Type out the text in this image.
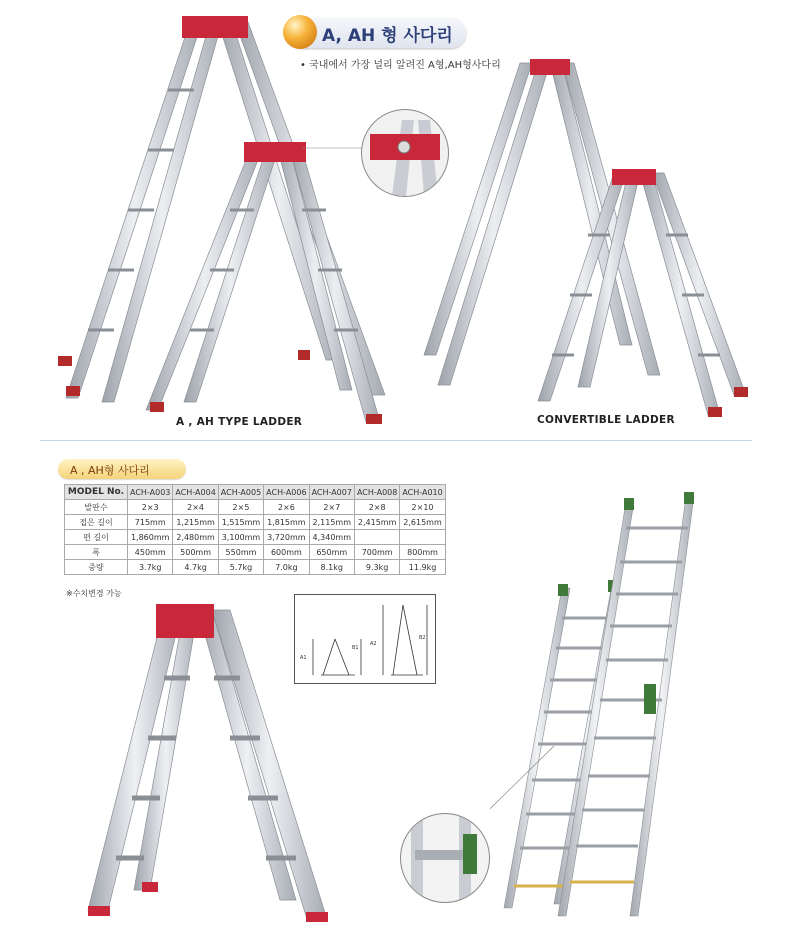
A, AH 형 사다리
• 국내에서 가장 널리 알려진 A형,AH형사다리
A , AH TYPE LADDER	CONVERTIBLE LADDER
A , AH형 사다리
MODEL No.	ACH-A003	ACH-A004	ACH-A005	ACH-A006	ACH-A007	ACH-A008	ACH-A010
발판수	2×3	2×4	2×5	2×6	2×7	2×8	2×10
접은 길이	715mm	1,215mm	1,515mm	1,815mm	2,115mm	2,415mm	2,615mm
편 길이	1,860mm	2,480mm	3,100mm	3,720mm	4,340mm		
폭	450mm	500mm	550mm	600mm	650mm	700mm	800mm
중량	3.7kg	4.7kg	5.7kg	7.0kg	8.1kg	9.3kg	11.9kg
※수치변경 가능
A1
B1
A2
B2
